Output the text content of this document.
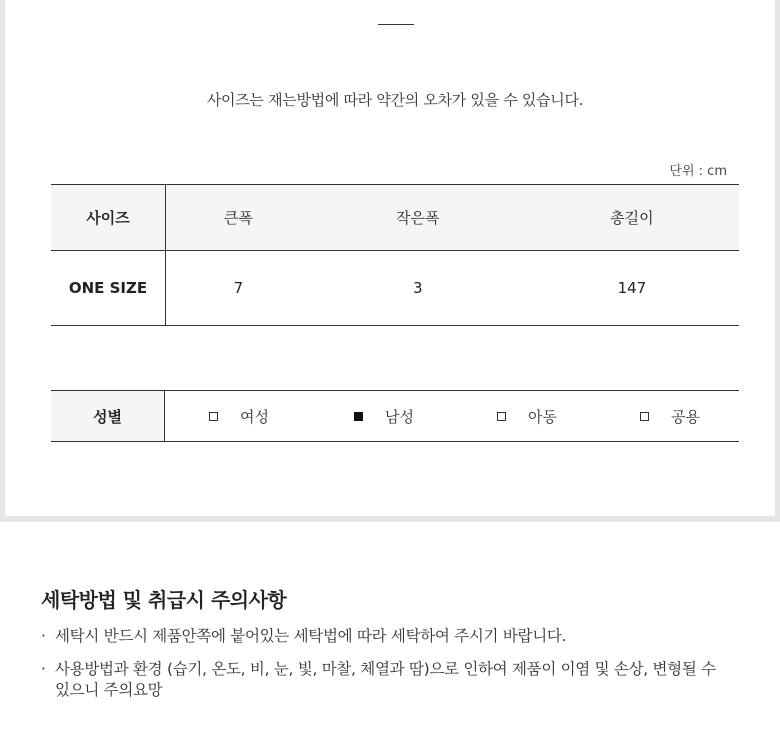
사이즈는 재는방법에 따라 약간의 오차가 있을 수 있습니다.
단위 : cm
사이즈	큰폭	작은폭	총길이
ONE SIZE	7	3	147
성별	여성	남성	아동	공용
세탁방법 및 취급시 주의사항
· 세탁시 반드시 제품안쪽에 붙어있는 세탁법에 따라 세탁하여 주시기 바랍니다.
· 사용방법과 환경 (습기, 온도, 비, 눈, 빛, 마찰, 체열과 땀)으로 인하여 제품이 이염 및 손상, 변형될 수 있으니 주의요망
